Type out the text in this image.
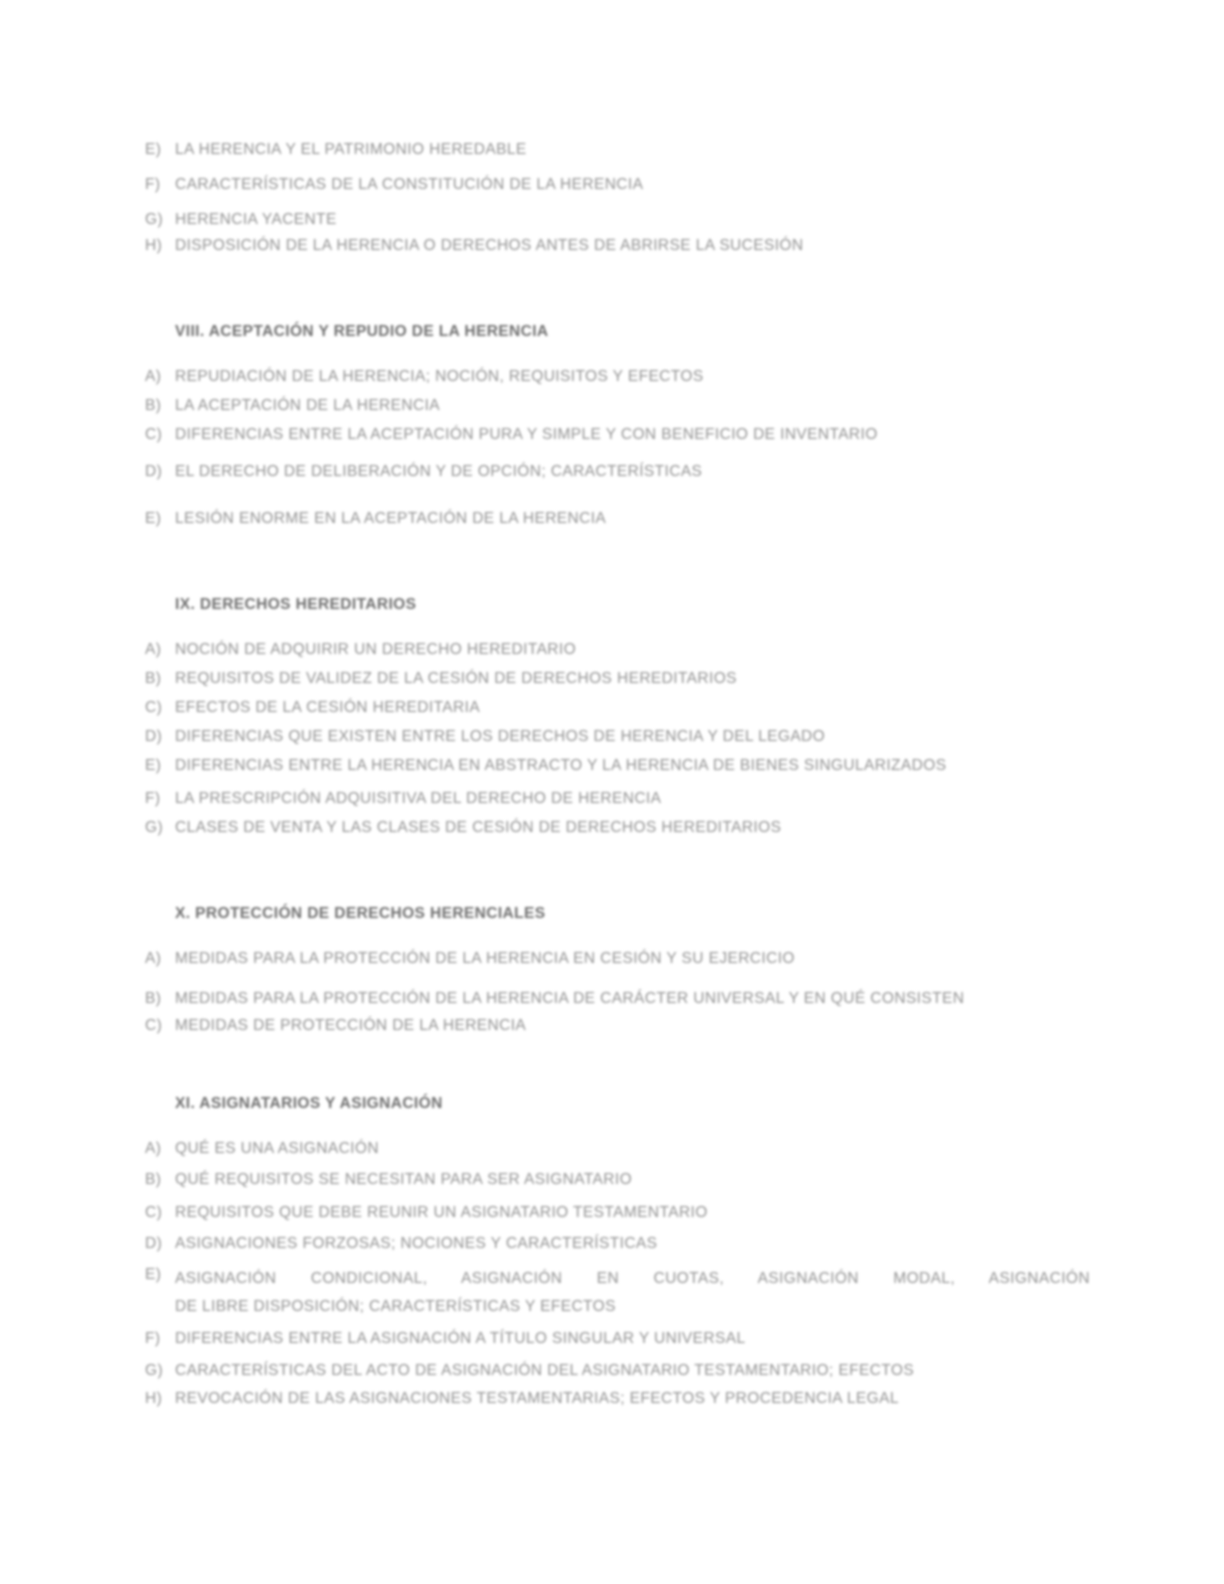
E) LA HERENCIA Y EL PATRIMONIO HEREDABLE
F) CARACTERÍSTICAS DE LA CONSTITUCIÓN DE LA HERENCIA
G) HERENCIA YACENTE
H) DISPOSICIÓN DE LA HERENCIA O DERECHOS ANTES DE ABRIRSE LA SUCESIÓN
VIII. ACEPTACIÓN Y REPUDIO DE LA HERENCIA
A) REPUDIACIÓN DE LA HERENCIA; NOCIÓN, REQUISITOS Y EFECTOS
B) LA ACEPTACIÓN DE LA HERENCIA
C) DIFERENCIAS ENTRE LA ACEPTACIÓN PURA Y SIMPLE Y CON BENEFICIO DE INVENTARIO
D) EL DERECHO DE DELIBERACIÓN Y DE OPCIÓN; CARACTERÍSTICAS
E) LESIÓN ENORME EN LA ACEPTACIÓN DE LA HERENCIA
IX. DERECHOS HEREDITARIOS
A) NOCIÓN DE ADQUIRIR UN DERECHO HEREDITARIO
B) REQUISITOS DE VALIDEZ DE LA CESIÓN DE DERECHOS HEREDITARIOS
C) EFECTOS DE LA CESIÓN HEREDITARIA
D) DIFERENCIAS QUE EXISTEN ENTRE LOS DERECHOS DE HERENCIA Y DEL LEGADO
E) DIFERENCIAS ENTRE LA HERENCIA EN ABSTRACTO Y LA HERENCIA DE BIENES SINGULARIZADOS
F) LA PRESCRIPCIÓN ADQUISITIVA DEL DERECHO DE HERENCIA
G) CLASES DE VENTA Y LAS CLASES DE CESIÓN DE DERECHOS HEREDITARIOS
X. PROTECCIÓN DE DERECHOS HERENCIALES
A) MEDIDAS PARA LA PROTECCIÓN DE LA HERENCIA EN CESIÓN Y SU EJERCICIO
B) MEDIDAS PARA LA PROTECCIÓN DE LA HERENCIA DE CARÁCTER UNIVERSAL Y EN QUÉ CONSISTEN
C) MEDIDAS DE PROTECCIÓN DE LA HERENCIA
XI. ASIGNATARIOS Y ASIGNACIÓN
A) QUÉ ES UNA ASIGNACIÓN
B) QUÉ REQUISITOS SE NECESITAN PARA SER ASIGNATARIO
C) REQUISITOS QUE DEBE REUNIR UN ASIGNATARIO TESTAMENTARIO
D) ASIGNACIONES FORZOSAS; NOCIONES Y CARACTERÍSTICAS
E) ASIGNACIÓN CONDICIONAL, ASIGNACIÓN EN CUOTAS, ASIGNACIÓN MODAL, ASIGNACIÓN
DE LIBRE DISPOSICIÓN; CARACTERÍSTICAS Y EFECTOS
F) DIFERENCIAS ENTRE LA ASIGNACIÓN A TÍTULO SINGULAR Y UNIVERSAL
G) CARACTERÍSTICAS DEL ACTO DE ASIGNACIÓN DEL ASIGNATARIO TESTAMENTARIO; EFECTOS
H) REVOCACIÓN DE LAS ASIGNACIONES TESTAMENTARIAS; EFECTOS Y PROCEDENCIA LEGAL
